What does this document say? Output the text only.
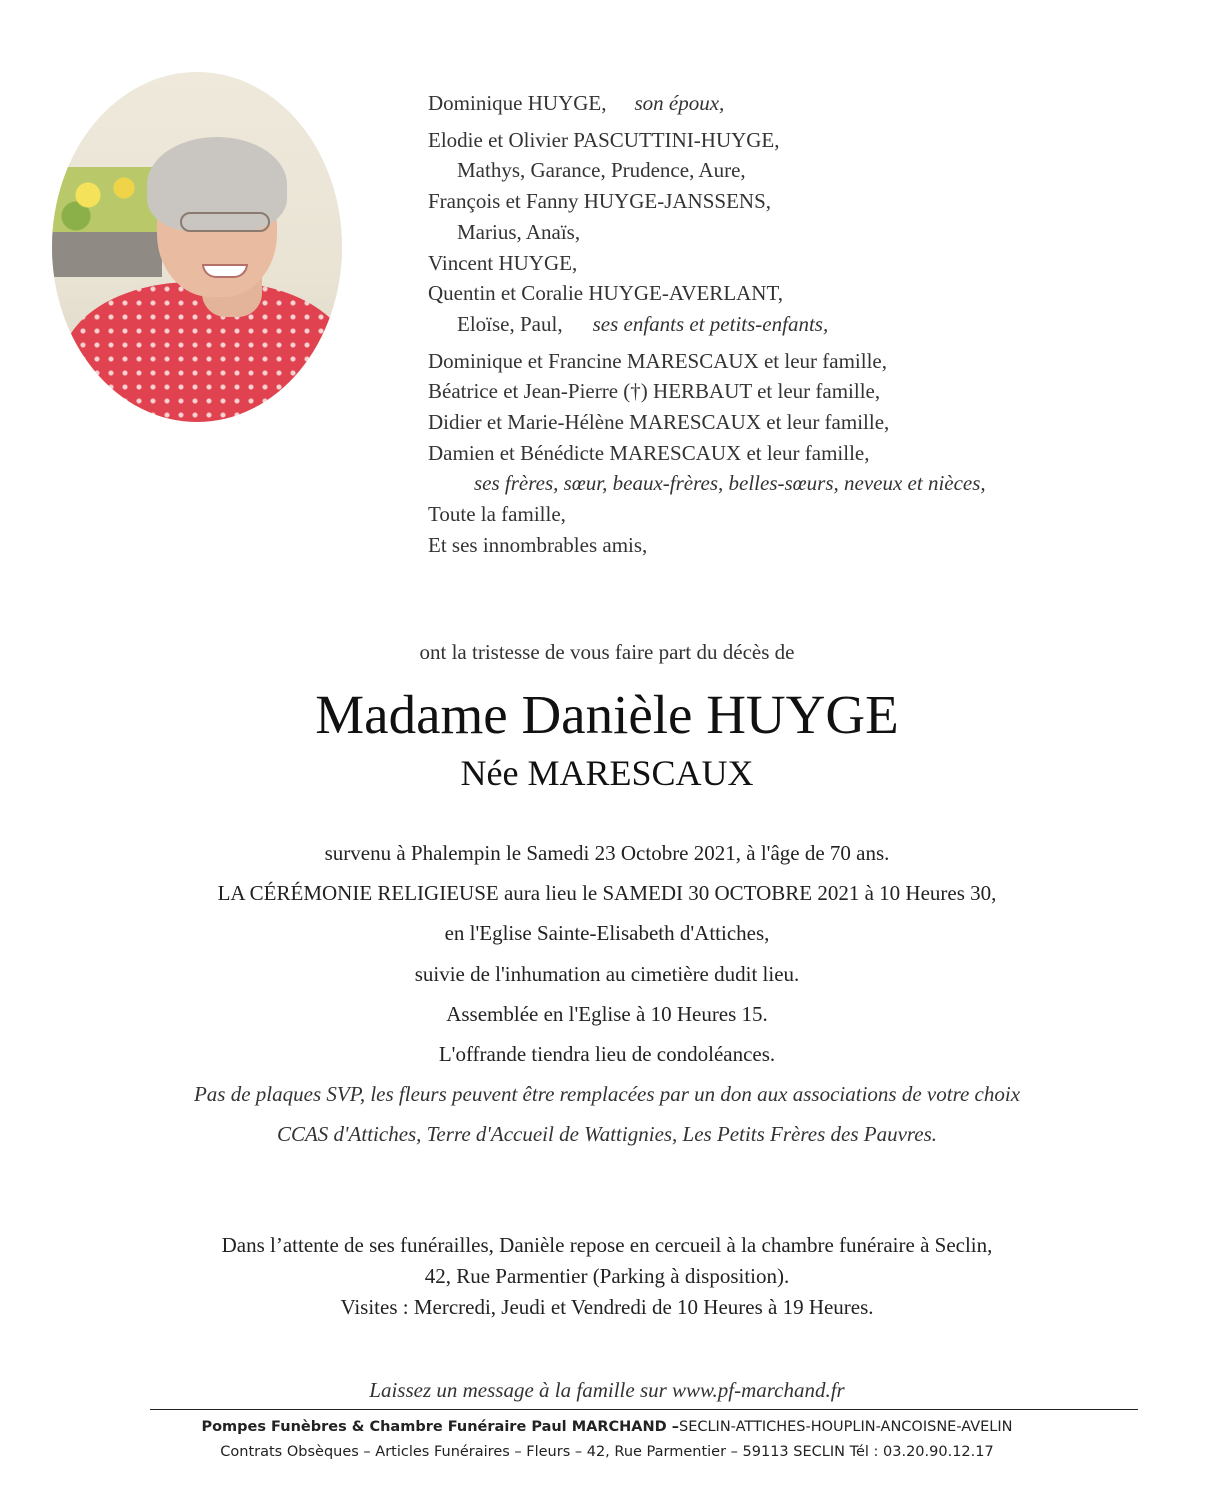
Dominique HUYGE, son époux,
Elodie et Olivier PASCUTTINI-HUYGE,
Mathys, Garance, Prudence, Aure,
François et Fanny HUYGE-JANSSENS,
Marius, Anaïs,
Vincent HUYGE,
Quentin et Coralie HUYGE-AVERLANT,
Eloïse, Paul, ses enfants et petits-enfants,
Dominique et Francine MARESCAUX et leur famille,
Béatrice et Jean-Pierre (†) HERBAUT et leur famille,
Didier et Marie-Hélène MARESCAUX et leur famille,
Damien et Bénédicte MARESCAUX et leur famille,
ses frères, sœur, beaux-frères, belles-sœurs, neveux et nièces,
Toute la famille,
Et ses innombrables amis,
ont la tristesse de vous faire part du décès de
Madame Danièle HUYGE
Née MARESCAUX
survenu à Phalempin le Samedi 23 Octobre 2021, à l'âge de 70 ans.
LA CÉRÉMONIE RELIGIEUSE aura lieu le SAMEDI 30 OCTOBRE 2021 à 10 Heures 30,
en l'Eglise Sainte-Elisabeth d'Attiches,
suivie de l'inhumation au cimetière dudit lieu.
Assemblée en l'Eglise à 10 Heures 15.
L'offrande tiendra lieu de condoléances.
Pas de plaques SVP, les fleurs peuvent être remplacées par un don aux associations de votre choix
CCAS d'Attiches, Terre d'Accueil de Wattignies, Les Petits Frères des Pauvres.
Dans l’attente de ses funérailles, Danièle repose en cercueil à la chambre funéraire à Seclin,
42, Rue Parmentier (Parking à disposition).
Visites : Mercredi, Jeudi et Vendredi de 10 Heures à 19 Heures.
Laissez un message à la famille sur www.pf-marchand.fr
Pompes Funèbres & Chambre Funéraire Paul MARCHAND –SECLIN-ATTICHES-HOUPLIN-ANCOISNE-AVELIN
Contrats Obsèques – Articles Funéraires – Fleurs – 42, Rue Parmentier – 59113 SECLIN Tél : 03.20.90.12.17
